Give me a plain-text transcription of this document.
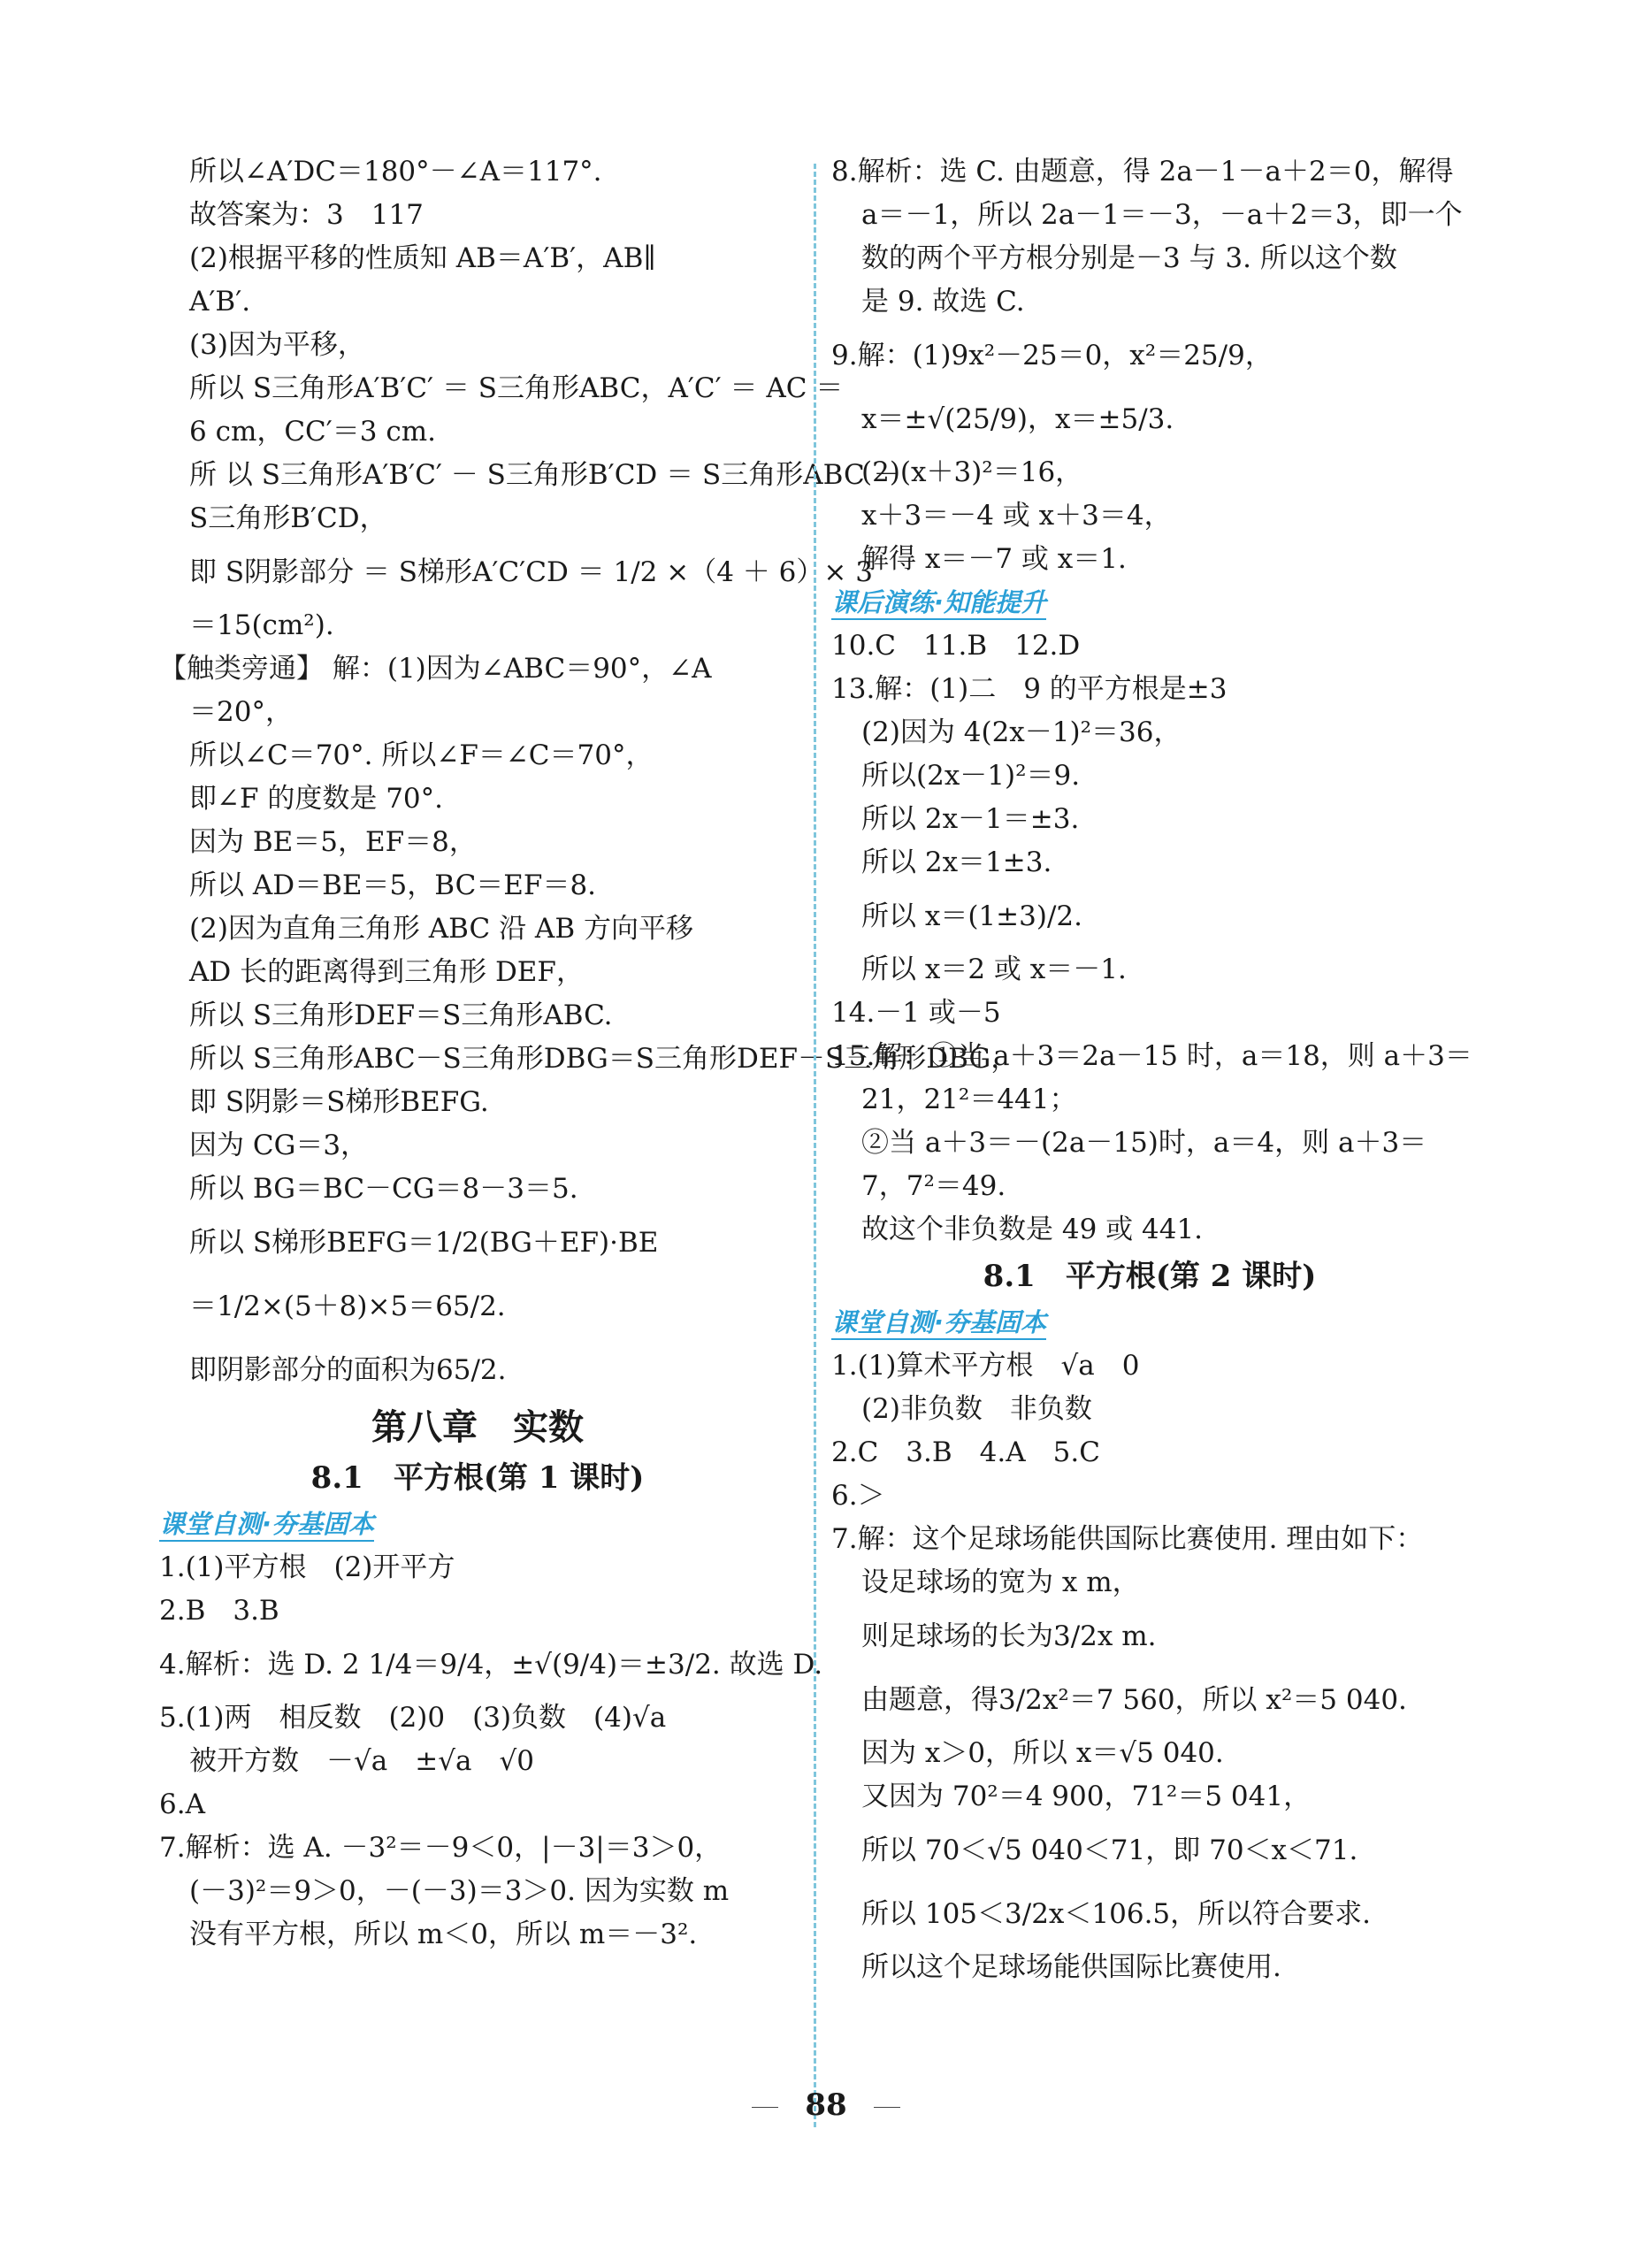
所以∠A′DC＝180°－∠A＝117°.
故答案为：3　117
(2)根据平移的性质知 AB＝A′B′，AB∥
A′B′.
(3)因为平移，
所以 S三角形A′B′C′ ＝ S三角形ABC，A′C′ ＝ AC ＝
6 cm，CC′＝3 cm.
所 以 S三角形A′B′C′ － S三角形B′CD ＝ S三角形ABC －
S三角形B′CD，
即 S阴影部分 ＝ S梯形A′C′CD ＝ 1/2 ×（4 ＋ 6）× 3
＝15(cm²).
【触类旁通】 解：(1)因为∠ABC＝90°，∠A
＝20°，
所以∠C＝70°. 所以∠F＝∠C＝70°，
即∠F 的度数是 70°.
因为 BE＝5，EF＝8，
所以 AD＝BE＝5，BC＝EF＝8.
(2)因为直角三角形 ABC 沿 AB 方向平移
AD 长的距离得到三角形 DEF，
所以 S三角形DEF＝S三角形ABC.
所以 S三角形ABC－S三角形DBG＝S三角形DEF－S三角形DBG，
即 S阴影＝S梯形BEFG.
因为 CG＝3，
所以 BG＝BC－CG＝8－3＝5.
所以 S梯形BEFG＝1/2(BG＋EF)·BE
＝1/2×(5＋8)×5＝65/2.
即阴影部分的面积为65/2.
第八章　实数
8.1　平方根(第 1 课时)
课堂自测·夯基固本
1.(1)平方根　(2)开平方
2.B　3.B
4.解析：选 D. 2 1/4＝9/4，±√(9/4)＝±3/2. 故选 D.
5.(1)两　相反数　(2)0　(3)负数　(4)√a
被开方数　－√a　±√a　√0
6.A
7.解析：选 A. －3²＝－9＜0，|－3|＝3＞0，
(－3)²＝9＞0，－(－3)＝3＞0. 因为实数 m
没有平方根，所以 m＜0，所以 m＝－3².
8.解析：选 C. 由题意，得 2a－1－a＋2＝0，解得
a＝－1，所以 2a－1＝－3，－a＋2＝3，即一个
数的两个平方根分别是－3 与 3. 所以这个数
是 9. 故选 C.
9.解：(1)9x²－25＝0，x²＝25/9，
x＝±√(25/9)，x＝±5/3.
(2)(x＋3)²＝16，
x＋3＝－4 或 x＋3＝4，
解得 x＝－7 或 x＝1.
课后演练·知能提升
10.C　11.B　12.D
13.解：(1)二　9 的平方根是±3
(2)因为 4(2x－1)²＝36，
所以(2x－1)²＝9.
所以 2x－1＝±3.
所以 2x＝1±3.
所以 x＝(1±3)/2.
所以 x＝2 或 x＝－1.
14.－1 或－5
15.解：①当 a＋3＝2a－15 时，a＝18，则 a＋3＝
21，21²＝441；
②当 a＋3＝－(2a－15)时，a＝4，则 a＋3＝
7，7²＝49.
故这个非负数是 49 或 441.
8.1　平方根(第 2 课时)
课堂自测·夯基固本
1.(1)算术平方根　√a　0
(2)非负数　非负数
2.C　3.B　4.A　5.C
6.＞
7.解：这个足球场能供国际比赛使用. 理由如下：
设足球场的宽为 x m，
则足球场的长为3/2x m.
由题意，得3/2x²＝7 560，所以 x²＝5 040.
因为 x＞0，所以 x＝√5 040.
又因为 70²＝4 900，71²＝5 041，
所以 70＜√5 040＜71，即 70＜x＜71.
所以 105＜3/2x＜106.5，所以符合要求.
所以这个足球场能供国际比赛使用.
88
